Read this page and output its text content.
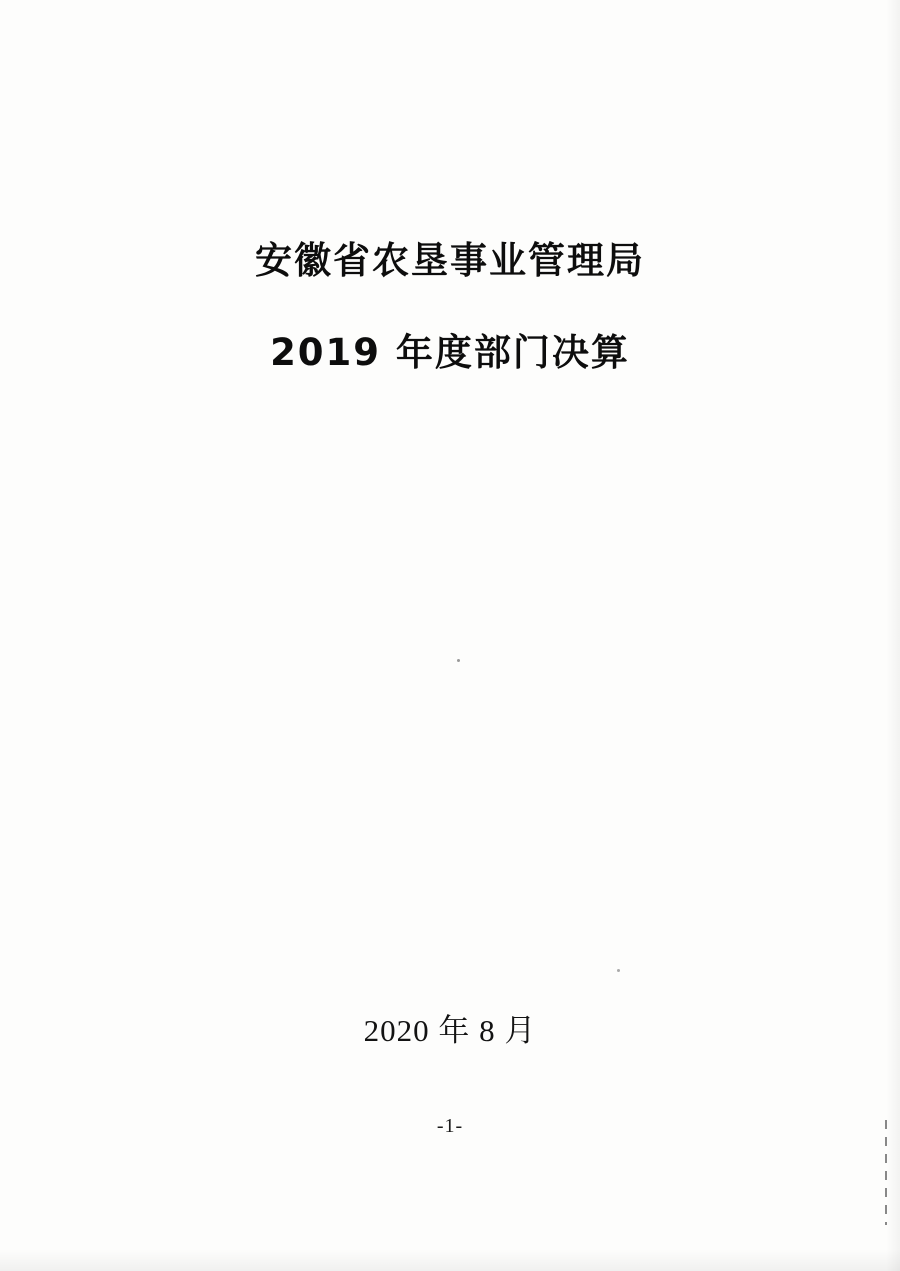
安徽省农垦事业管理局

2019 年度部门决算

2020 年 8 月

-1-
